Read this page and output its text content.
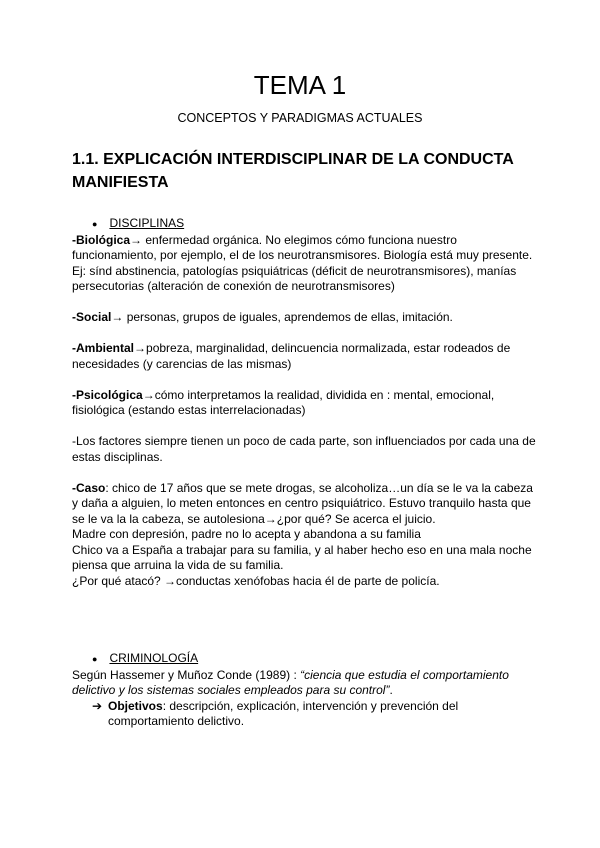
TEMA 1

CONCEPTOS Y PARADIGMAS ACTUALES

1.1. EXPLICACIÓN INTERDISCIPLINAR DE LA CONDUCTA MANIFIESTA
● DISCIPLINAS

-Biológica→ enfermedad orgánica. No elegimos cómo funciona nuestro funcionamiento, por ejemplo, el de los neurotransmisores. Biología está muy presente.

Ej: sínd abstinencia, patologías psiquiátricas (déficit de neurotransmisores), manías persecutorias (alteración de conexión de neurotransmisores)

-Social→ personas, grupos de iguales, aprendemos de ellas, imitación.

-Ambiental→pobreza, marginalidad, delincuencia normalizada, estar rodeados de necesidades (y carencias de las mismas)

-Psicológica→cómo interpretamos la realidad, dividida en : mental, emocional, fisiológica (estando estas interrelacionadas)

-Los factores siempre tienen un poco de cada parte, son influenciados por cada una de estas disciplinas.

-Caso: chico de 17 años que se mete drogas, se alcoholiza…un día se le va la cabeza y daña a alguien, lo meten entonces en centro psiquiátrico. Estuvo tranquilo hasta que se le va la la cabeza, se autolesiona→¿por qué? Se acerca el juicio.

Madre con depresión, padre no lo acepta y abandona a su familia

Chico va a España a trabajar para su familia, y al haber hecho eso en una mala noche piensa que arruina la vida de su familia.

¿Por qué atacó? →conductas xenófobas hacia él de parte de policía.

● CRIMINOLOGÍA

Según Hassemer y Muñoz Conde (1989) : “ciencia que estudia el comportamiento delictivo y los sistemas sociales empleados para su control”.

➔ Objetivos: descripción, explicación, intervención y prevención del comportamiento delictivo.
